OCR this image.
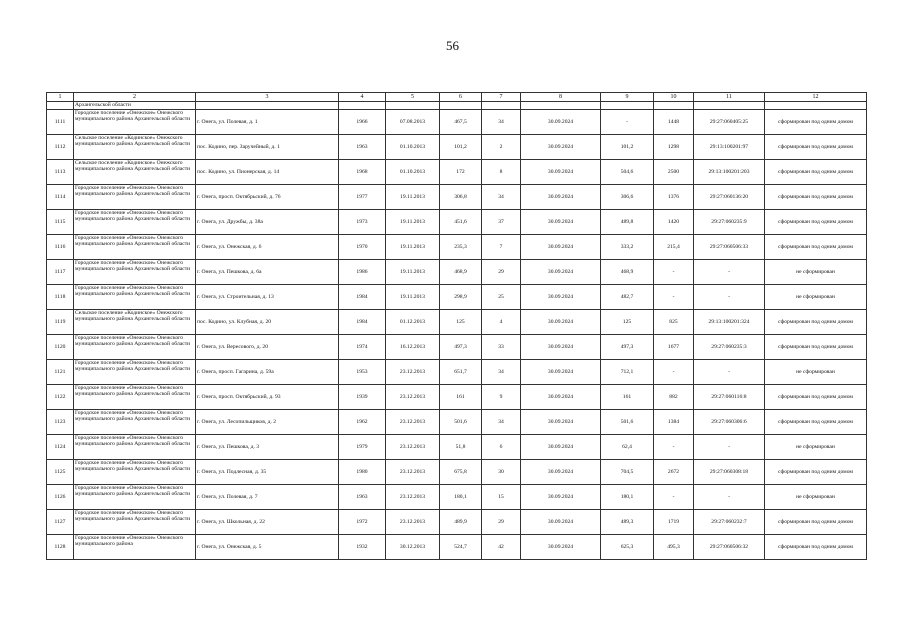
56
1	2	3	4	5	6	7	8	9	10	11	12
	Архангельской области										
1111	Городское поселение «Онежское» Онежского муниципального района Архангельской области	г. Онега, ул. Полевая, д. 1	1966	07.08.2013	467,5	34	30.09.2024	-	1448	29:27:060405:25	сформирован под одним домом
1112	Сельское поселение «Кодинское» Онежского муниципального района Архангельской области	пос. Кодино, пер. Заручейный, д. 1	1963	01.10.2013	101,2	2	30.09.2024	101,2	1298	29:13:100201:97	сформирован под одним домом
1113	Сельское поселение «Кодинское» Онежского муниципального района Архангельской области	пос. Кодино, ул. Пионерская, д. 14	1968	01.10.2013	172	8	30.09.2024	504,6	2500	29:13:100201:203	сформирован под одним домом
1114	Городское поселение «Онежское» Онежского муниципального района Архангельской области	г. Онега, просп. Октябрьский, д. 76	1977	19.11.2013	306,8	34	30.09.2024	306,6	1376	29:27:060136:20	сформирован под одним домом
1115	Городское поселение «Онежское» Онежского муниципального района Архангельской области	г. Онега, ул. Дружбы, д. 38а	1973	19.11.2013	451,6	37	30.09.2024	489,8	1420	29:27:060235:9	сформирован под одним домом
1116	Городское поселение «Онежское» Онежского муниципального района Архангельской области	г. Онега, ул. Онежская, д. 6	1970	19.11.2013	235,3	7	30.09.2024	333,2	215,4	29:27:060506:33	сформирован под одним домом
1117	Городское поселение «Онежское» Онежского муниципального района Архангельской области	г. Онега, ул. Пешкова, д. 6а	1986	19.11.2013	468,9	29	30.09.2024	468,9	-	-	не сформирован
1118	Городское поселение «Онежское» Онежского муниципального района Архангельской области	г. Онега, ул. Строительная, д. 13	1984	19.11.2013	298,9	25	30.09.2024	482,7	-	-	не сформирован
1119	Сельское поселение «Кодинское» Онежского муниципального района Архангельской области	пос. Кодино, ул. Клубная, д. 20	1984	01.12.2013	125	4	30.09.2024	125	825	29:13:100201:324	сформирован под одним домом
1120	Городское поселение «Онежское» Онежского муниципального района Архангельской области	г. Онега, ул. Вересового, д. 20	1974	16.12.2013	497,3	33	30.09.2024	497,3	1677	29:27:060235:3	сформирован под одним домом
1121	Городское поселение «Онежское» Онежского муниципального района Архангельской области	г. Онега, просп. Гагарина, д. 59а	1953	23.12.2013	651,7	34	30.09.2024	712,1	-	-	не сформирован
1122	Городское поселение «Онежское» Онежского муниципального района Архангельской области	г. Онега, просп. Октябрьский, д. 93	1939	23.12.2013	161	9	30.09.2024	161	882	29:27:060116:8	сформирован под одним домом
1123	Городское поселение «Онежское» Онежского муниципального района Архангельской области	г. Онега, ул. Лесопильщиков, д. 2	1962	23.12.2013	501,6	34	30.09.2024	501,6	1384	29:27:060306:6	сформирован под одним домом
1124	Городское поселение «Онежское» Онежского муниципального района Архангельской области	г. Онега, ул. Пешкова, д. 3	1979	23.12.2013	51,8	6	30.09.2024	62,4	-	-	не сформирован
1125	Городское поселение «Онежское» Онежского муниципального района Архангельской области	г. Онега, ул. Подлесная, д. 35	1980	23.12.2013	675,8	30	30.09.2024	704,5	2672	29:27:060308:18	сформирован под одним домом
1126	Городское поселение «Онежское» Онежского муниципального района Архангельской области	г. Онега, ул. Полевая, д. 7	1963	23.12.2013	180,1	15	30.09.2024	180,1	-	-	не сформирован
1127	Городское поселение «Онежское» Онежского муниципального района Архангельской области	г. Онега, ул. Школьная, д. 22	1972	23.12.2013	489,9	29	30.09.2024	489,3	1719	29:27:060232:7	сформирован под одним домом
1128	Городское поселение «Онежское» Онежского муниципального района	г. Онега, ул. Онежская, д. 5	1932	30.12.2013	524,7	42	30.09.2024	625,3	495,3	29:27:060506:32	сформирован под одним домом
